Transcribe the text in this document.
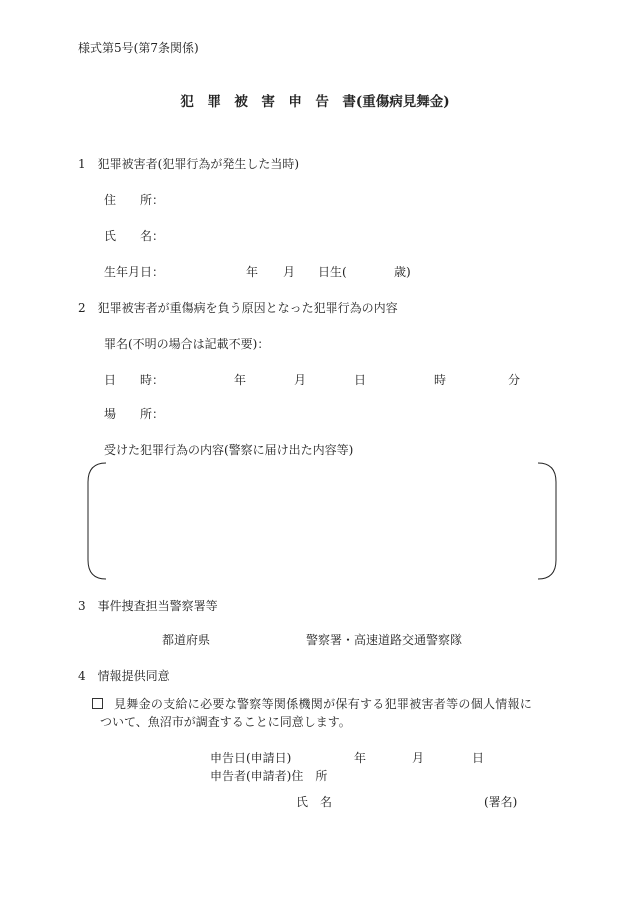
様式第5号(第7条関係)
犯　罪　被　害　申　告　書(重傷病見舞金)
1　犯罪被害者(犯罪行為が発生した当時)
住　　所：
氏　　名：
生年月日：	年 月 日生(	歳)
2　犯罪被害者が重傷病を負う原因となった犯罪行為の内容
罪名(不明の場合は記載不要)：
日　　時：	年	月	日	時	分
場　　所：
受けた犯罪行為の内容(警察に届け出た内容等)
3　事件捜査担当警察署等
都道府県	警察署・高速道路交通警察隊
4　情報提供同意
見舞金の支給に必要な警察等関係機関が保有する犯罪被害者等の個人情報に
ついて、魚沼市が調査することに同意します。
申告日(申請日)	年	月	日
申告者(申請者)住　所
氏　名	(署名)
